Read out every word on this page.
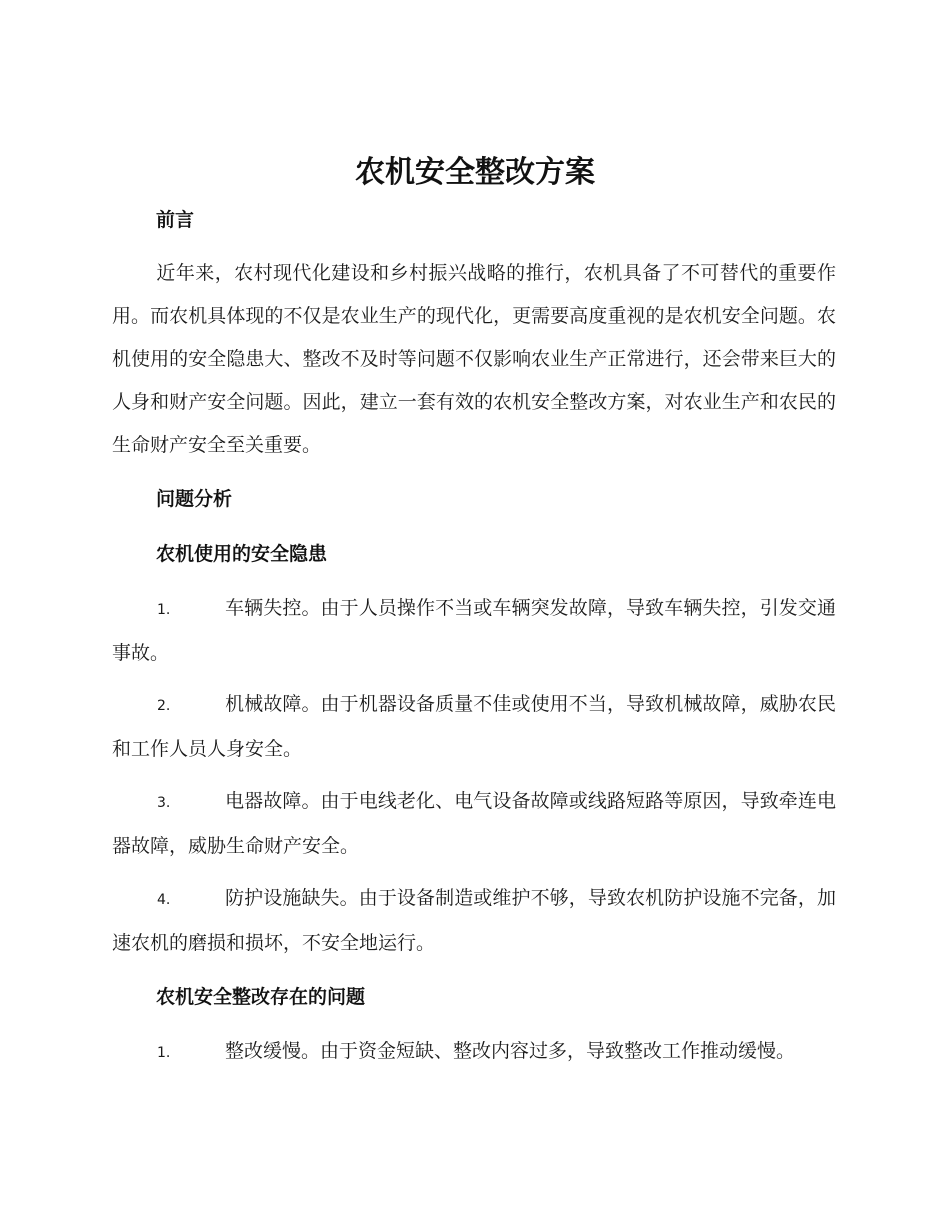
农机安全整改方案
前言
近年来，农村现代化建设和乡村振兴战略的推行，农机具备了不可替代的重要作用。而农机具体现的不仅是农业生产的现代化，更需要高度重视的是农机安全问题。农机使用的安全隐患大、整改不及时等问题不仅影响农业生产正常进行，还会带来巨大的人身和财产安全问题。因此，建立一套有效的农机安全整改方案，对农业生产和农民的生命财产安全至关重要。
问题分析
农机使用的安全隐患
1.	车辆失控。由于人员操作不当或车辆突发故障，导致车辆失控，引发交通事故。
2.	机械故障。由于机器设备质量不佳或使用不当，导致机械故障，威胁农民和工作人员人身安全。
3.	电器故障。由于电线老化、电气设备故障或线路短路等原因，导致牵连电器故障，威胁生命财产安全。
4.	防护设施缺失。由于设备制造或维护不够，导致农机防护设施不完备，加速农机的磨损和损坏，不安全地运行。
农机安全整改存在的问题
1.	整改缓慢。由于资金短缺、整改内容过多，导致整改工作推动缓慢。
